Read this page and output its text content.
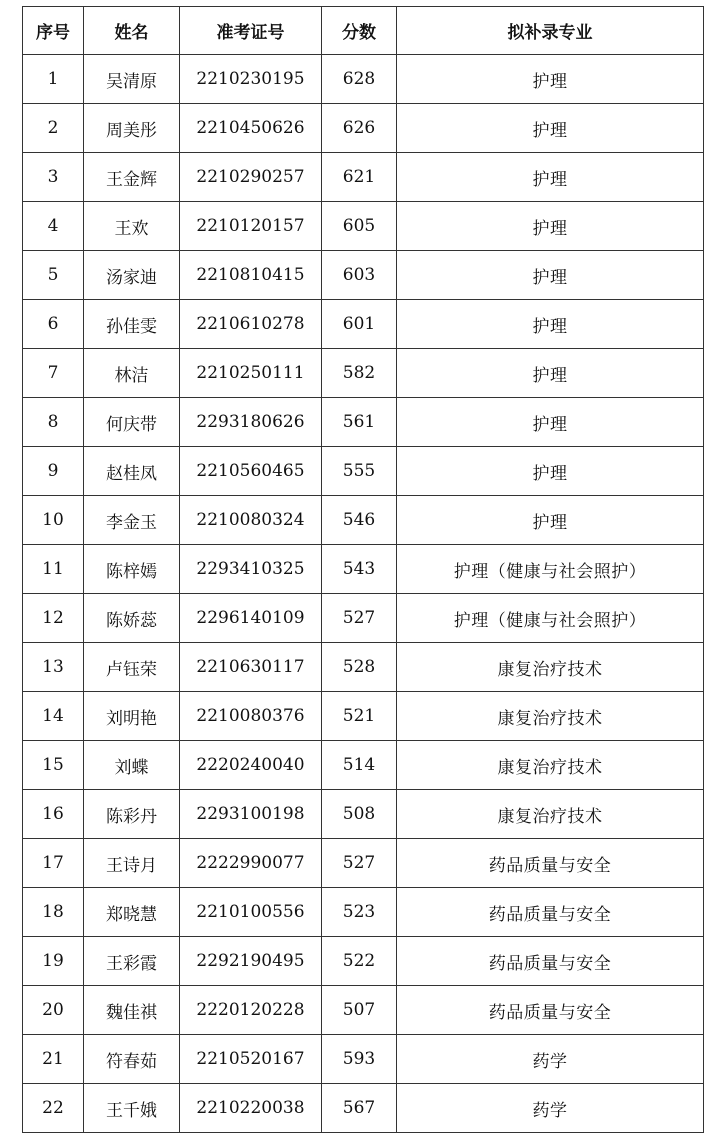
序号	姓名	准考证号	分数	拟补录专业
1	吴清原	2210230195	628	护理
2	周美彤	2210450626	626	护理
3	王金辉	2210290257	621	护理
4	王欢	2210120157	605	护理
5	汤家迪	2210810415	603	护理
6	孙佳雯	2210610278	601	护理
7	林洁	2210250111	582	护理
8	何庆带	2293180626	561	护理
9	赵桂凤	2210560465	555	护理
10	李金玉	2210080324	546	护理
11	陈梓嫣	2293410325	543	护理（健康与社会照护）
12	陈娇蕊	2296140109	527	护理（健康与社会照护）
13	卢钰荣	2210630117	528	康复治疗技术
14	刘明艳	2210080376	521	康复治疗技术
15	刘蝶	2220240040	514	康复治疗技术
16	陈彩丹	2293100198	508	康复治疗技术
17	王诗月	2222990077	527	药品质量与安全
18	郑晓慧	2210100556	523	药品质量与安全
19	王彩霞	2292190495	522	药品质量与安全
20	魏佳祺	2220120228	507	药品质量与安全
21	符春茹	2210520167	593	药学
22	王千娥	2210220038	567	药学
